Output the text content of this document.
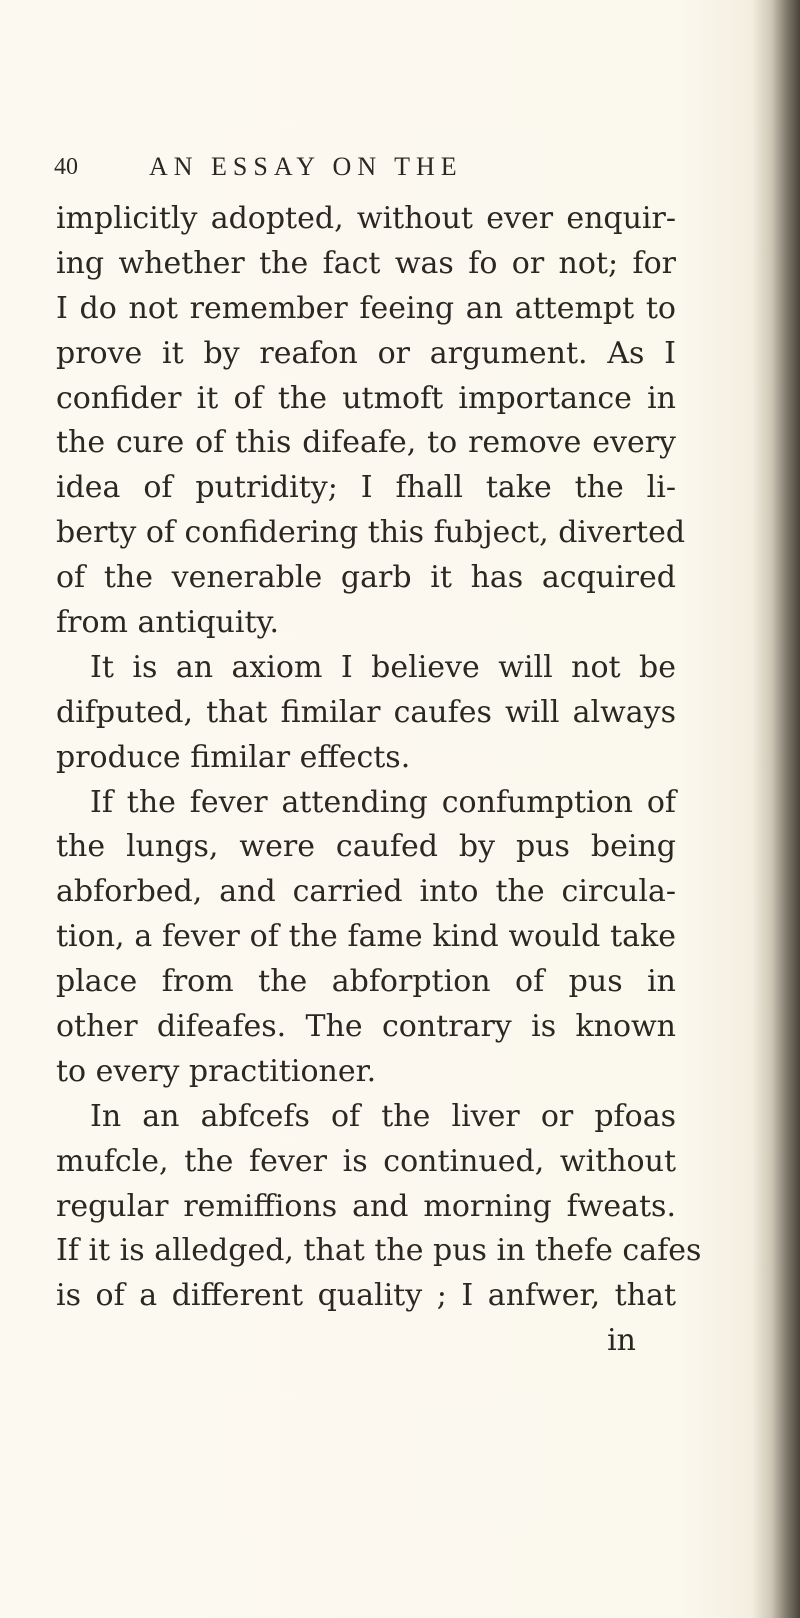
40	AN ESSAY ON THE
implicitly adopted, without ever enquir-
ing whether the fact was fo or not; for
I do not remember feeing an attempt to
prove it by reafon or argument. As I
confider it of the utmoft importance in
the cure of this difeafe, to remove every
idea of putridity; I fhall take the li-
berty of confidering this fubject, diverted
of the venerable garb it has acquired
from antiquity.
It is an axiom I believe will not be
difputed, that fimilar caufes will always
produce fimilar effects.
If the fever attending confumption of
the lungs, were caufed by pus being
abforbed, and carried into the circula-
tion, a fever of the fame kind would take
place from the abforption of pus in
other difeafes. The contrary is known
to every practitioner.
In an abfcefs of the liver or pfoas
mufcle, the fever is continued, without
regular remiffions and morning fweats.
If it is alledged, that the pus in thefe cafes
is of a different quality ; I anfwer, that
in
